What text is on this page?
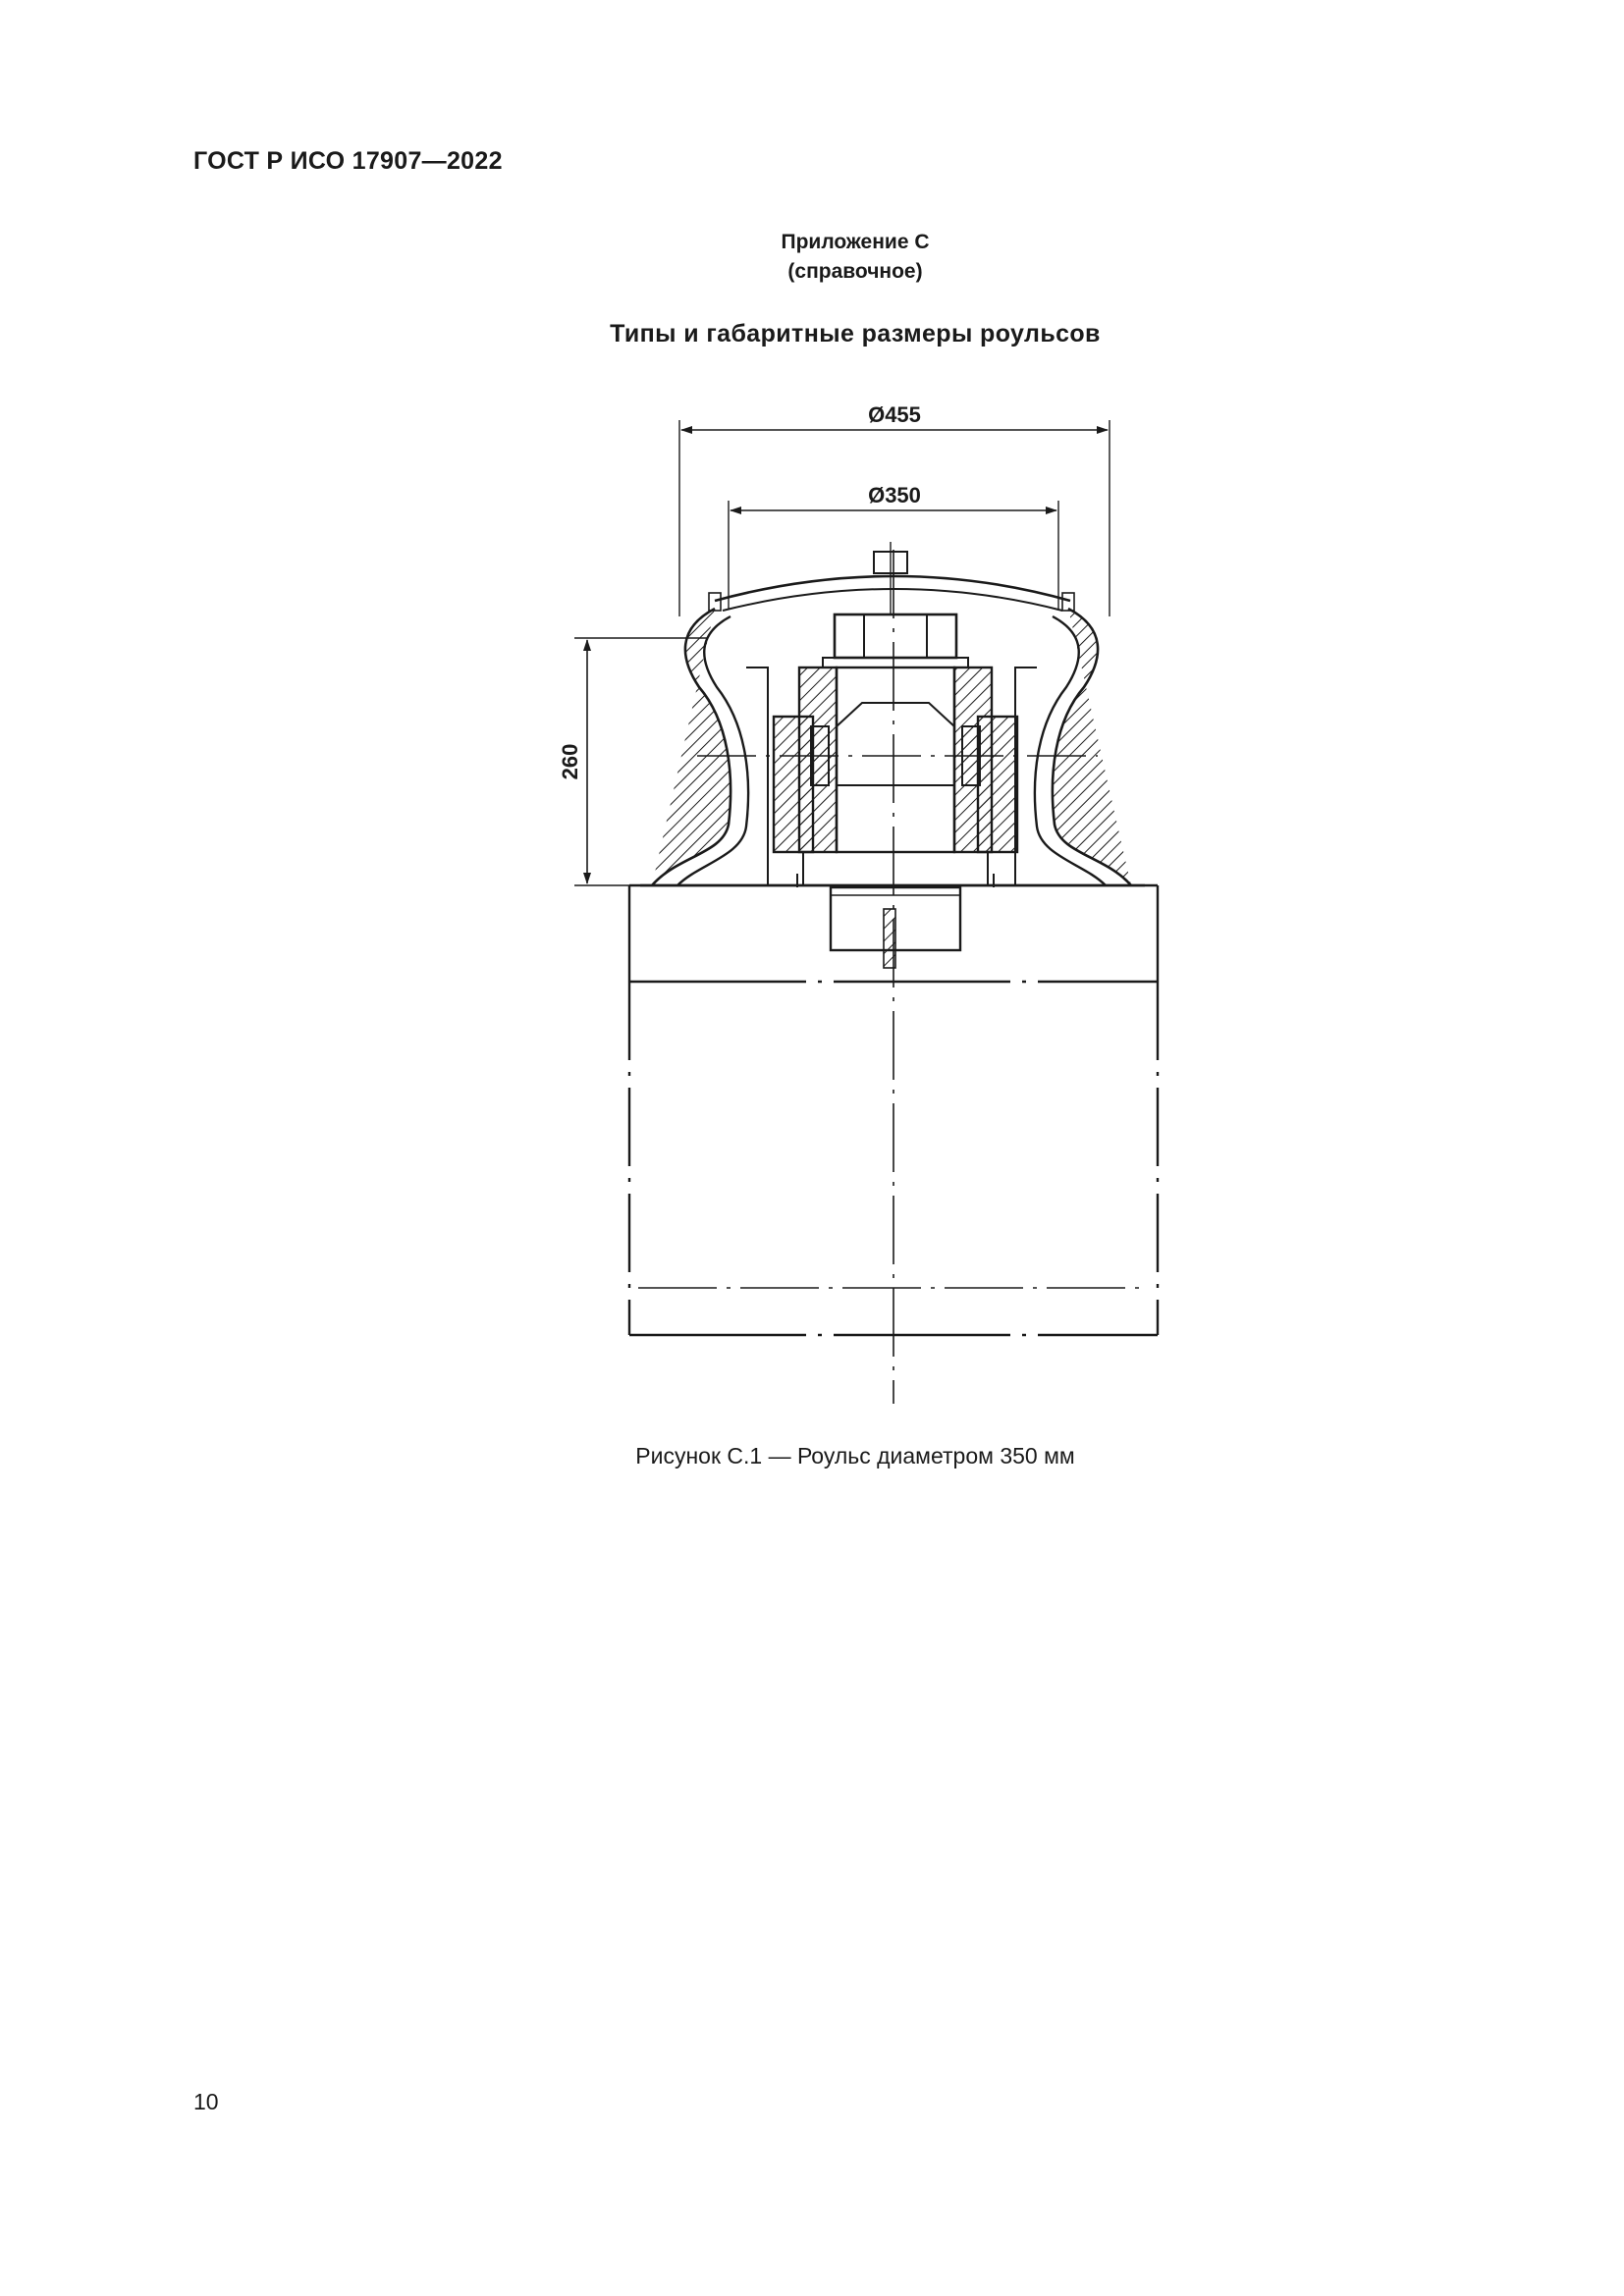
ГОСТ Р ИСО 17907—2022
Приложение С
(справочное)
Типы и габаритные размеры роульсов
Ø455
Ø350
260
Рисунок С.1 — Роульс диаметром 350 мм
10
